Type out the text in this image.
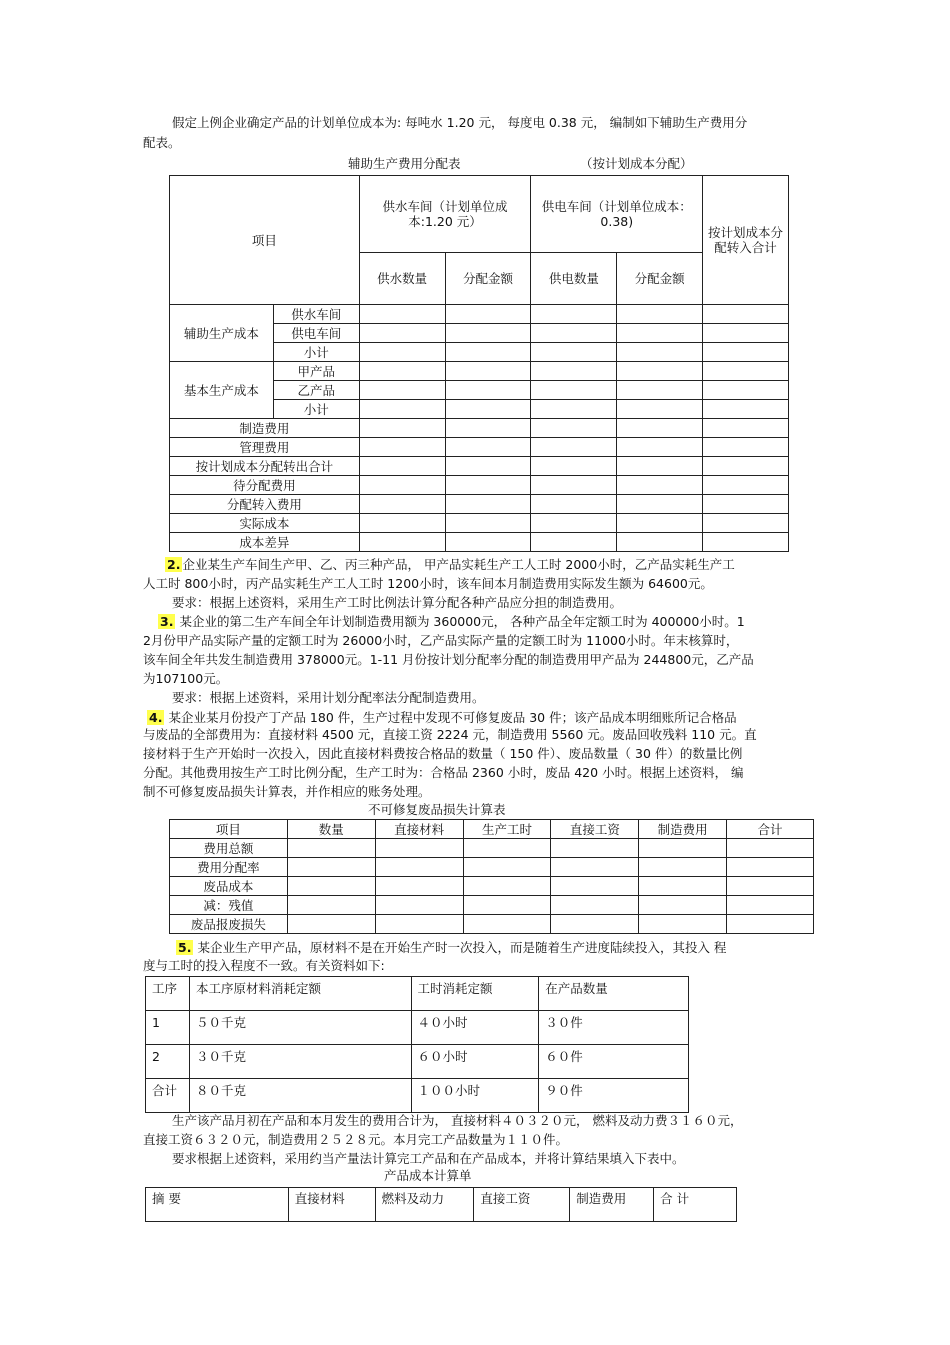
假定上例企业确定产品的计划单位成本为: 每吨水 1.20 元， 每度电 0.38 元， 编制如下辅助生产费用分
配表。
辅助生产费用分配表	（按计划成本分配）
项目		供水车间（计划单位成本:1.20 元）		供电车间（计划单位成本： 0.38)		按计划成本分配转入合计
		供水数量	分配金额	供电数量	分配金额	
辅助生产成本	供水车间					
	供电车间					
	小计					
基本生产成本	甲产品					
	乙产品					
	小计					
制造费用						
管理费用						
按计划成本分配转出合计						
待分配费用						
分配转入费用						
实际成本						
成本差异						
2. 企业某生产车间生产甲、乙、丙三种产品， 甲产品实耗生产工人工时 2000小时，乙产品实耗生产工
人工时 800小时，丙产品实耗生产工人工时 1200小时，该车间本月制造费用实际发生额为 64600元。
要求：根据上述资料，采用生产工时比例法计算分配各种产品应分担的制造费用。
3. 某企业的第二生产车间全年计划制造费用额为 360000元， 各种产品全年定额工时为 400000小时。1
2月份甲产品实际产量的定额工时为 26000小时，乙产品实际产量的定额工时为 11000小时。年末核算时，
该车间全年共发生制造费用 378000元。1-11 月份按计划分配率分配的制造费用甲产品为 244800元，乙产品
为107100元。
要求：根据上述资料，采用计划分配率法分配制造费用。
4. 某企业某月份投产丁产品 180 件，生产过程中发现不可修复废品 30 件；该产品成本明细账所记合格品
与废品的全部费用为：直接材料 4500 元，直接工资 2224 元，制造费用 5560 元。废品回收残料 110 元。直
接材料于生产开始时一次投入，因此直接材料费按合格品的数量（ 150 件）、废品数量（ 30 件）的数量比例
分配。其他费用按生产工时比例分配，生产工时为：合格品 2360 小时，废品 420 小时。根据上述资料， 编
制不可修复废品损失计算表，并作相应的账务处理。
不可修复废品损失计算表
项目	数量	直接材料	生产工时	直接工资	制造费用	合计
费用总额						
费用分配率						
废品成本						
减：残值						
废品报废损失						
5. 某企业生产甲产品，原材料不是在开始生产时一次投入，而是随着生产进度陆续投入，其投入 程
度与工时的投入程度不一致。有关资料如下:
工序	本工序原材料消耗定额	工时消耗定额	在产品数量
1	５０千克	４０小时	３０件
2	３０千克	６０小时	６０件
合计	８０千克	１００小时	９０件
生产该产品月初在产品和本月发生的费用合计为， 直接材料４０３２０元， 燃料及动力费３１６０元，
直接工资６３２０元，制造费用２５２８元。本月完工产品数量为１１０件。
要求根据上述资料，采用约当产量法计算完工产品和在产品成本，并将计算结果填入下表中。
产品成本计算单
摘 要	直接材料	燃料及动力	直接工资	制造费用	合 计
